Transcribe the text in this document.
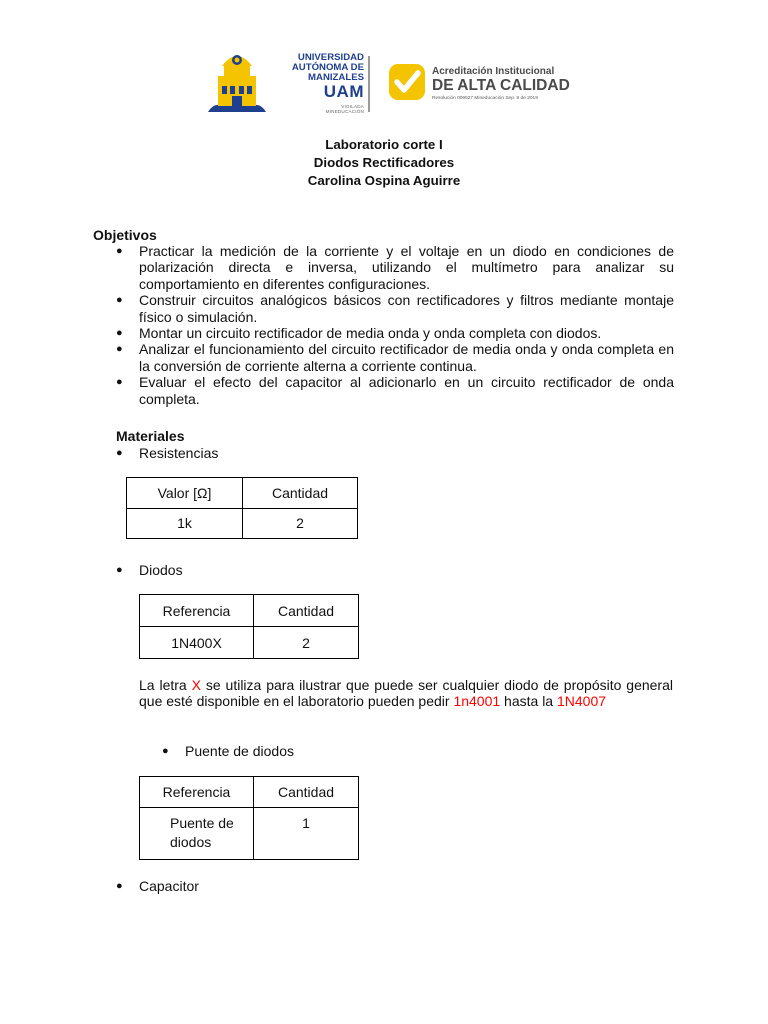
UNIVERSIDAD
AUTÓNOMA DE
MANIZALES
UAM
VIGILADA MINEDUCACIÓN
Acreditación Institucional
DE ALTA CALIDAD
Resolución 009527 Mineducación Sep. 8 de 2019
Laboratorio corte I
Diodos Rectificadores
Carolina Ospina Aguirre
Objetivos
● Practicar la medición de la corriente y el voltaje en un diodo en condiciones de polarización directa e inversa, utilizando el multímetro para analizar su comportamiento en diferentes configuraciones.
● Construir circuitos analógicos básicos con rectificadores y filtros mediante montaje físico o simulación.
● Montar un circuito rectificador de media onda y onda completa con diodos.
● Analizar el funcionamiento del circuito rectificador de media onda y onda completa en la conversión de corriente alterna a corriente continua.
● Evaluar el efecto del capacitor al adicionarlo en un circuito rectificador de onda completa.
Materiales
● Resistencias
Valor [Ω]	Cantidad
1k	2
● Diodos
Referencia	Cantidad
1N400X	2
La letra X se utiliza para ilustrar que puede ser cualquier diodo de propósito general que esté disponible en el laboratorio pueden pedir 1n4001 hasta la 1N4007
● Puente de diodos
Referencia	Cantidad
Puente de diodos	1
● Capacitor
